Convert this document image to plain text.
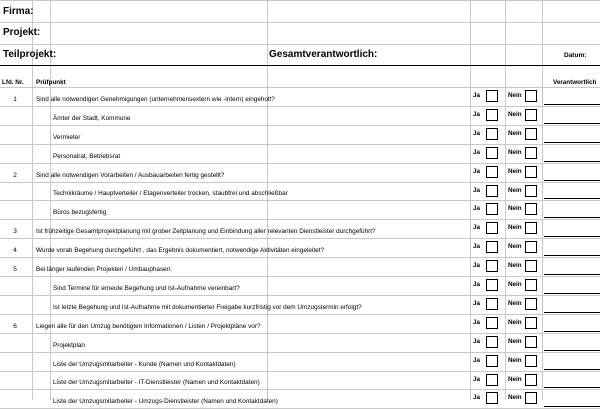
Firma:
Projekt:
Teilprojekt:	Gesamtverantwortlich:	Datum:
Lfd. Nr. Prüfpunkt	Verantwortlich
1	Sind alle notwendigen Genehmigungen (unternehmensextern wie -intern) eingeholt?
Ja	Nein
Ämter der Stadt, Kommune
Ja	Nein
Vermieter
Ja	Nein
Personalrat, Betriebsrat
Ja	Nein
2	Sind alle notwendigen Vorarbeiten / Ausbauarbeiten fertig gestellt?
Ja	Nein
Technikräume / Hauptverteiler / Etagenverteiler trocken, staubfrei und abschließbar
Ja	Nein
Büros bezugsfertig
Ja	Nein
3	Ist frühzeitige Gesamtprojektplanung mit grober Zeitplanung und Einbindung aller relevanten Dienstleister durchgeführt?
Ja	Nein
4	Wurde vorab Begehung durchgeführt , das Ergebnis dokumentiert, notwendige Aktivitäten eingeleitet?
Ja	Nein
5	Bei länger laufenden Projekten / Umbauphasen:
Ja	Nein
Sind Termine für erneute Begehung und Ist-Aufnahme vereinbart?
Ja	Nein
Ist letzte Begehung und Ist-Aufnahme mit dokumentierter Freigabe kurzfristig vor dem Umzugstermin erfolgt?
Ja	Nein
6	Liegen alle für den Umzug benötigten Informationen / Listen / Projektpläne vor?
Ja	Nein
Projektplan
Ja	Nein
Liste der Umzugsmitarbeiter - Kunde (Namen und Kontaktdaten)
Ja	Nein
Liste der Umzugsmitarbeiter - IT-Dienstleister (Namen und Kontaktdaten)
Ja	Nein
Liste der Umzugsmitarbeiter - Umzugs-Dienstleister (Namen und Kontaktdaten)
Ja	Nein
